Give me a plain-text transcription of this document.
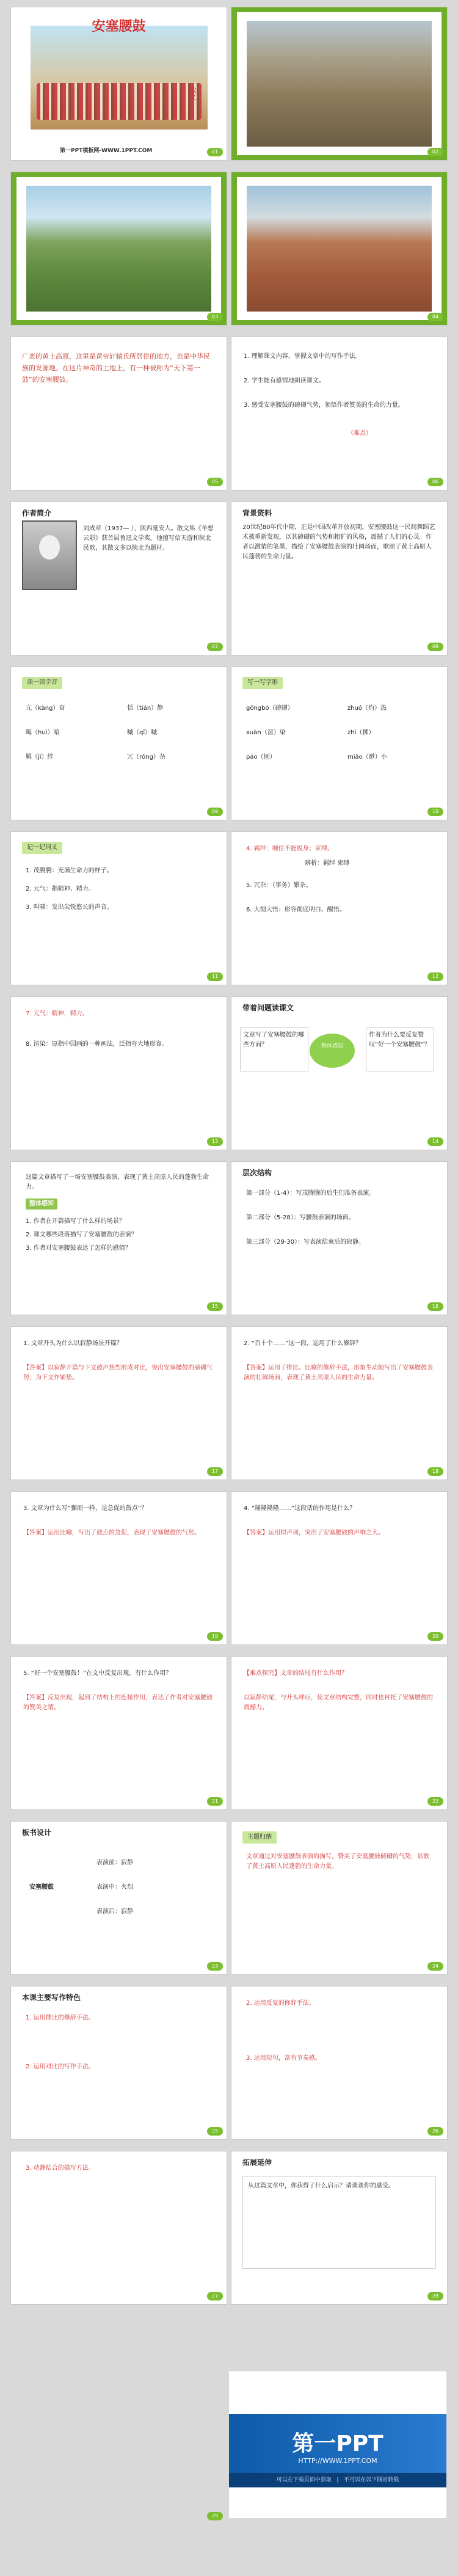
安塞腰鼓
散文
第一PPT模板网-WWW.1PPT.COM	01	02
03	04
广袤的黄土高原，这里是黄帝轩辕氏所居住的地方，也是中华民族的发源地。在这片神奇的土地上，有一种被称为“天下第一鼓”的安塞腰鼓。
05
1. 理解课文内容，掌握文章中的写作手法。
2. 学生能有感情地朗读课文。
3. 感受安塞腰鼓的磅礴气势，领悟作者赞美的生命的力量。
（难点）
06
作者简介
刘成章（1937— ），陕西延安人。散文集《羊想云彩》获首届鲁迅文学奖。他擅写信天游和陕北民歌，其散文多以陕北为题材。
07
背景资料
20世纪80年代中期，正是中国改革开放初期，安塞腰鼓这一民间舞蹈艺术被重新发现，以其磅礴的气势和粗犷的风格，震撼了人们的心灵。作者以激情的笔墨，描绘了安塞腰鼓表演的壮阔场面，歌颂了黄土高原人民蓬勃的生命力量。
08
读一读字音
亢（kàng）奋	恬（tián）静
晦（huì）暗	嘁（qī）嘁
羁（jī）绊	冗（rǒng）杂
09
写一写字形
gōngbó（磅礴）	zhuó（灼）热
xuàn（渲）染	zhì（掷）
páo（刨）	miǎo（渺）小
10
记一记词义
1. 茂腾腾：充满生命力的样子。
2. 元气：指精神、精力。
3. 叫啸：发出尖锐悠长的声音。
11
4. 羁绊：缠住不能脱身；束缚。
辨析：羁绊 束缚
5. 冗杂：（事务）繁杂。
6. 大彻大悟：形容彻底明白、醒悟。
12
7. 元气：精神，精力。
8. 渲染：原指中国画的一种画法，泛指夸大地形容。
13
带着问题读课文
文章写了安塞腰鼓的哪些方面？	整体感知
作者为什么要反复赞叹“好一个安塞腰鼓”？
14
这篇文章描写了一场安塞腰鼓表演，表现了黄土高原人民的蓬勃生命力。
整体感知
1. 作者在开篇描写了什么样的场景？
2. 课文哪些段落描写了安塞腰鼓的表演？
3. 作者对安塞腰鼓表达了怎样的感情？
15
层次结构
第一部分（1-4）：写茂腾腾的后生们准备表演。
第二部分（5-28）：写腰鼓表演的场面。
第三部分（29-30）：写表演结束后的寂静。
16
1. 文章开头为什么以寂静场景开篇？
【答案】以寂静开篇与下文鼓声热烈形成对比，突出安塞腰鼓的磅礴气势，为下文作铺垫。
17
2. “百十个……”这一段，运用了什么修辞？
【答案】运用了排比、比喻的修辞手法，形象生动地写出了安塞腰鼓表演的壮阔场面，表现了黄土高原人民的生命力量。
18
3. 文章为什么写“骤雨一样，是急促的鼓点”？
【答案】运用比喻，写出了鼓点的急促，表现了安塞腰鼓的气势。
19
4. “隆隆隆隆……”这段话的作用是什么？
【答案】运用拟声词，突出了安塞腰鼓的声响之大。
20
5. “好一个安塞腰鼓！”在文中反复出现，有什么作用？
【答案】反复出现，起到了结构上的连接作用，表达了作者对安塞腰鼓的赞美之情。
21
【难点探究】文章的结尾有什么作用？
以寂静结尾，与开头呼应，使文章结构完整，同时也衬托了安塞腰鼓的震撼力。
22
板书设计
安塞腰鼓
表演前：寂静
表演中：火烈
表演后：寂静
23
主题归纳
文章通过对安塞腰鼓表演的描写，赞美了安塞腰鼓磅礴的气势，讴歌了黄土高原人民蓬勃的生命力量。
24
本课主要写作特色
1. 运用排比的修辞手法。
2. 运用对比的写作手法。
25
2. 运用反复的修辞手法。
3. 运用短句，富有节奏感。
26
3. 动静结合的描写方法。
27
拓展延伸
从这篇文章中，你获得了什么启示？请谈谈你的感受。
28
29
第一PPT
HTTP://WWW.1PPT.COM
可以在下载页面中获取   |   不可以在以下网站转载
